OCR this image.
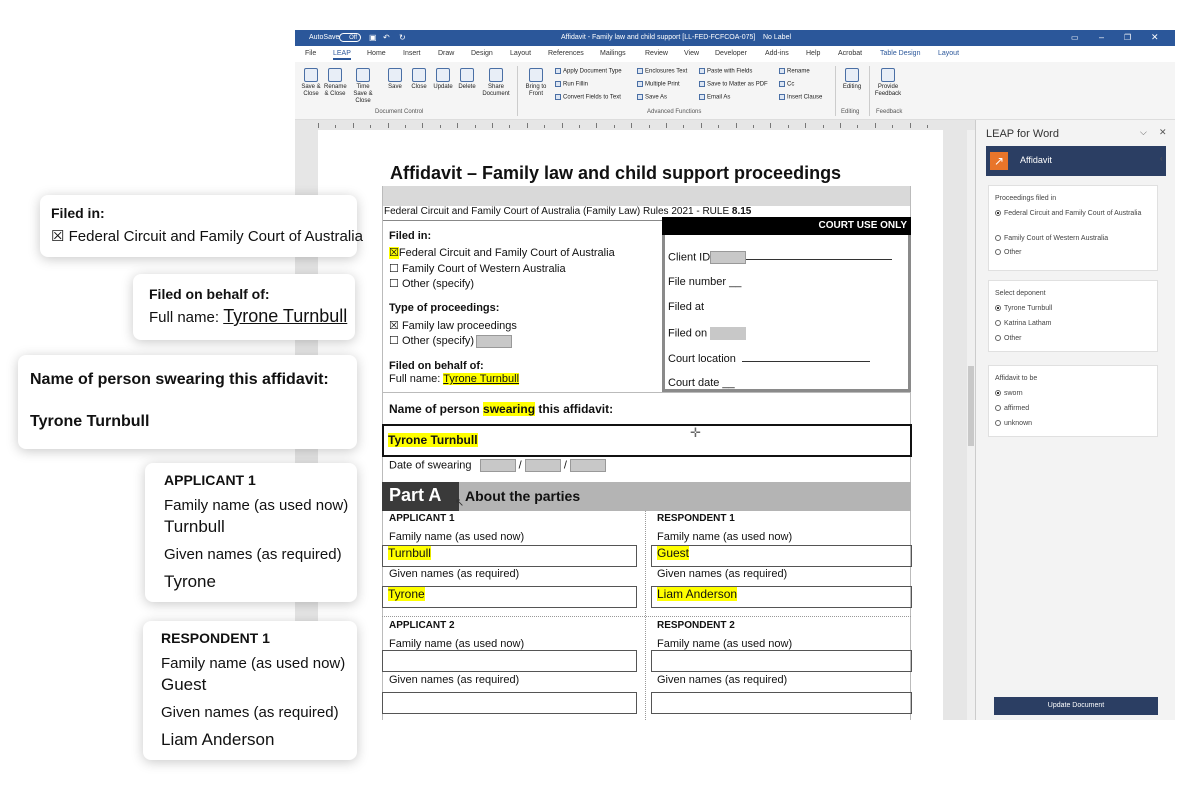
AutoSave	Off	▣ ↶ ↻	Affidavit - Family law and child support [LL-FED-FCFCOA-075] No Label	▭ – ❐ ✕
File LEAP Home Insert Draw Design Layout References Mailings	Review View Developer	Add-ins Help	Acrobat	Table Design	Layout
Save & Close
Rename & Close
Time Save & Close
Save	Close	Update Delete	Share Document
Document Control
Bring to Front
Apply Document Type
Run Fillin
Convert Fields to Text
Enclosures Text
Multiple Print
Save As
Paste with Fields
Save to Matter as PDF
Email As
Rename
Cc
Insert Clause
Advanced Functions
Editing
Editing
Provide Feedback
Feedback
Affidavit – Family law and child support proceedings
Federal Circuit and Family Court of Australia (Family Law) Rules 2021 - RULE 8.15
Filed in:
☒Federal Circuit and Family Court of Australia
☐ Family Court of Western Australia
☐ Other (specify)
Type of proceedings:
☒ Family law proceedings
☐ Other (specify)
Filed on behalf of:
Full name: Tyrone Turnbull
COURT USE ONLY
Client ID
File number __
Filed at
Filed on
Court location
Court date __
Name of person swearing this affidavit:
Tyrone Turnbull	✛
Date of swearing	/	/
Part A	About the parties
↖
APPLICANT 1	RESPONDENT 1
Family name (as used now)	Family name (as used now)
Turnbull	Guest
Given names (as required)	Given names (as required)
Tyrone	Liam Anderson
APPLICANT 2	RESPONDENT 2
Family name (as used now)	Family name (as used now)
Given names (as required)	Given names (as required)
LEAP for Word	⌵ ✕
↗	Affidavit	‹
Proceedings filed in
Federal Circuit and Family Court of Australia
Family Court of Western Australia
Other
Select deponent
Tyrone Turnbull
Katrina Latham
Other
Affidavit to be
sworn
affirmed
unknown
Update Document
Filed in:
☒ Federal Circuit and Family Court of Australia
Filed on behalf of:
Full name: Tyrone Turnbull
Name of person swearing this affidavit:
Tyrone Turnbull
APPLICANT 1
Family name (as used now)
Turnbull
Given names (as required)
Tyrone
RESPONDENT 1
Family name (as used now)
Guest
Given names (as required)
Liam Anderson
